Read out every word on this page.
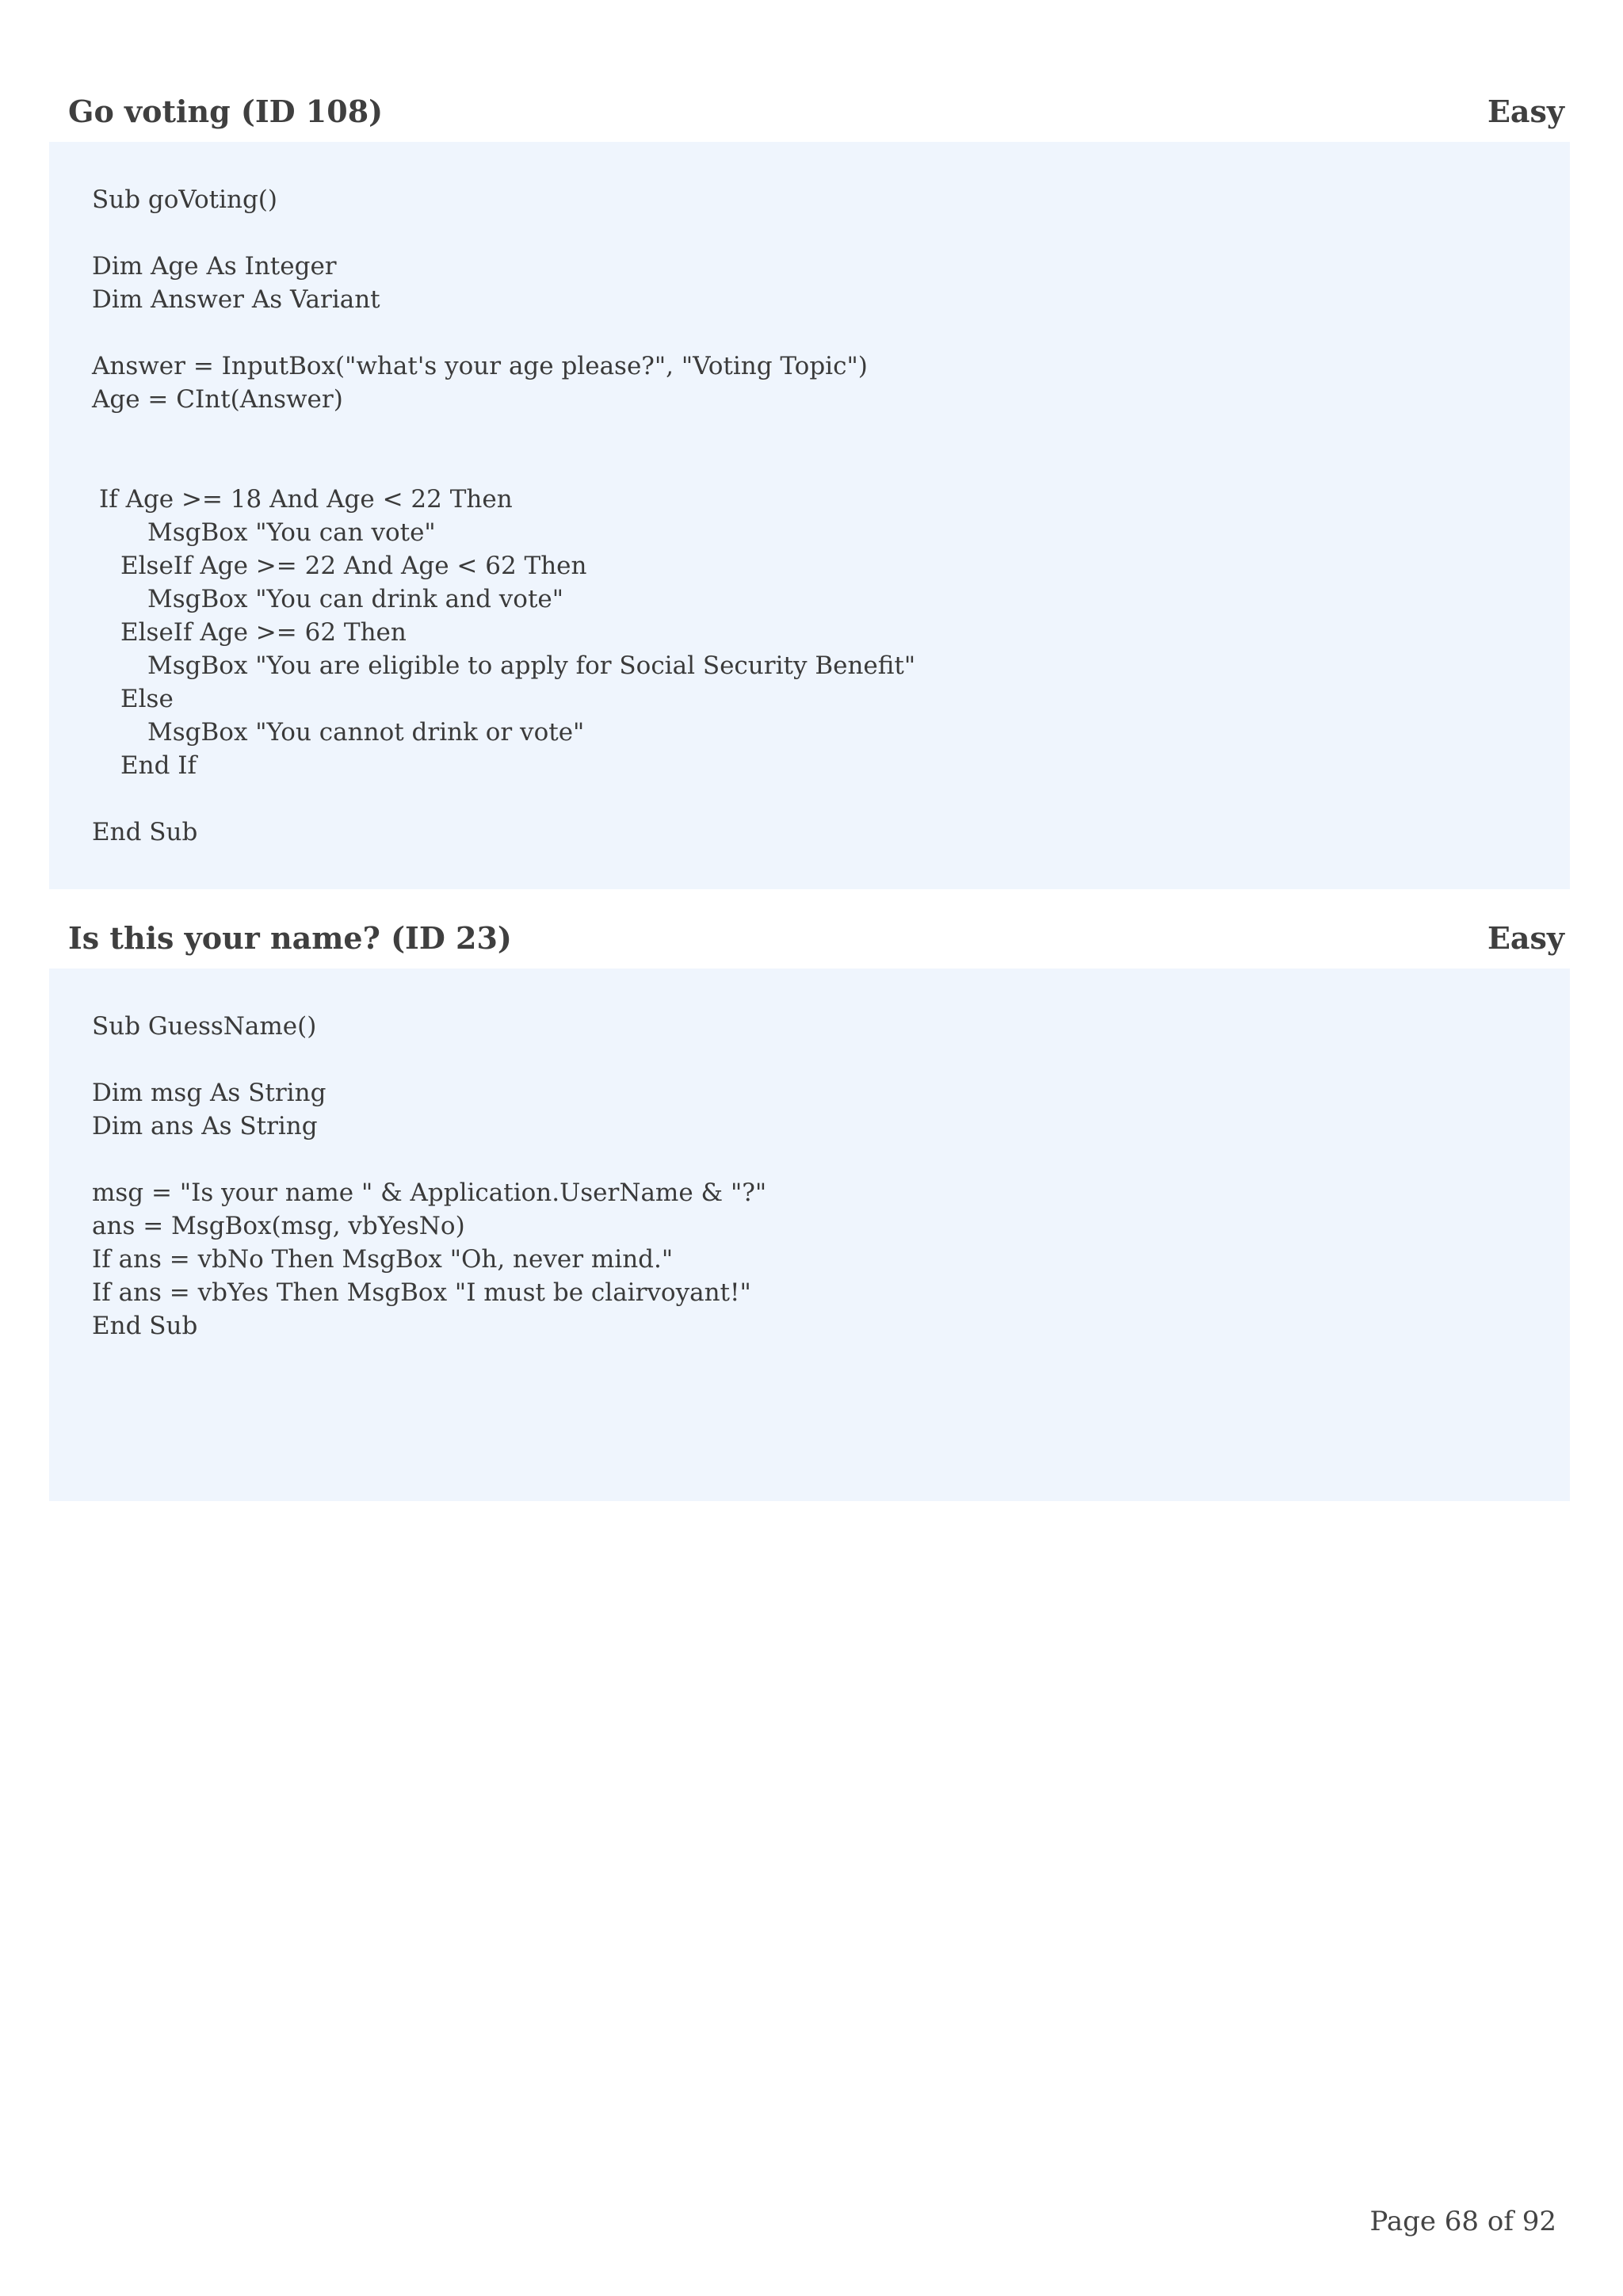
Go voting (ID 108)	Easy
Sub goVoting()
Dim Age As Integer
Dim Answer As Variant
Answer = InputBox("what's your age please?", "Voting Topic")
Age = CInt(Answer)
If Age >= 18 And Age < 22 Then
MsgBox "You can vote"
ElseIf Age >= 22 And Age < 62 Then
MsgBox "You can drink and vote"
ElseIf Age >= 62 Then
MsgBox "You are eligible to apply for Social Security Benefit"
Else
MsgBox "You cannot drink or vote"
End If
End Sub
Is this your name? (ID 23)	Easy
Sub GuessName()
Dim msg As String
Dim ans As String
msg = "Is your name " & Application.UserName & "?"
ans = MsgBox(msg, vbYesNo)
If ans = vbNo Then MsgBox "Oh, never mind."
If ans = vbYes Then MsgBox "I must be clairvoyant!"
End Sub
Page 68 of 92
